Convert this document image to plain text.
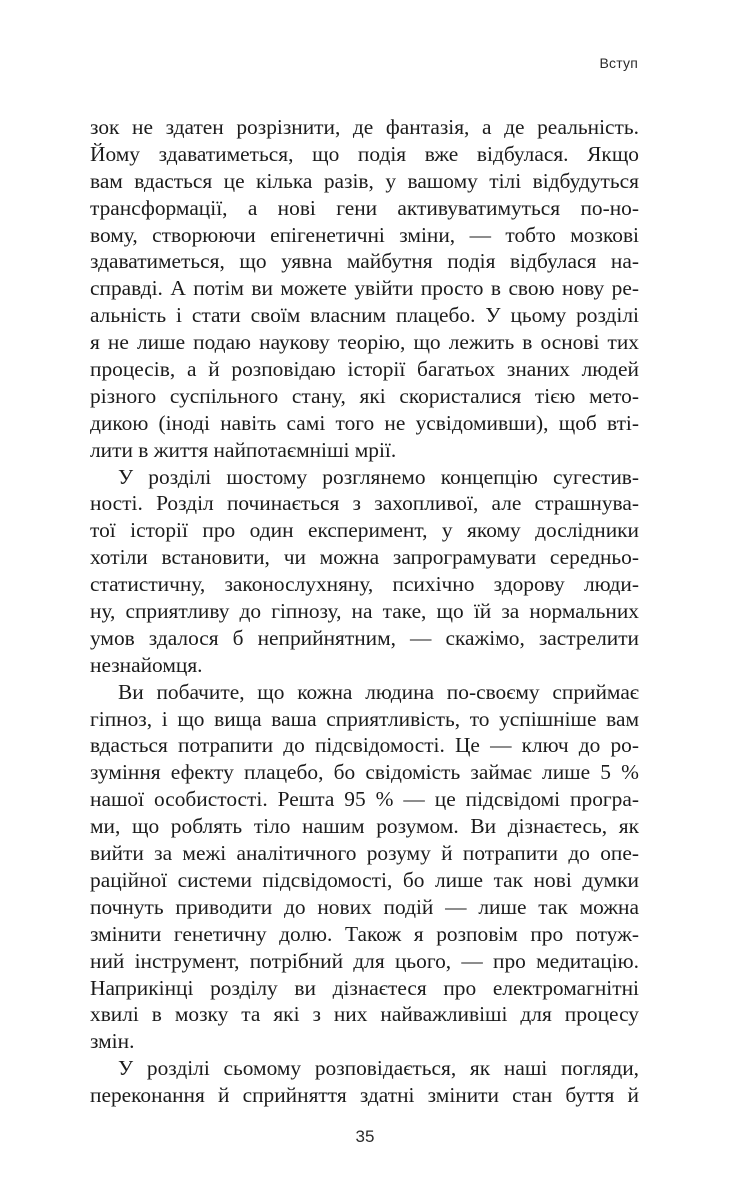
Вступ
зок не здатен розрізнити, де фантазія, а де реальність.
Йому здаватиметься, що подія вже відбулася. Якщо
вам вдасться це кілька разів, у вашому тілі відбудуться
трансформації, а нові гени активуватимуться по-но-
вому, створюючи епігенетичні зміни, — тобто мозкові
здаватиметься, що уявна майбутня подія відбулася на-
справді. А потім ви можете увійти просто в свою нову ре-
альність і стати своїм власним плацебо. У цьому розділі
я не лише подаю наукову теорію, що лежить в основі тих
процесів, а й розповідаю історії багатьох знаних людей
різного суспільного стану, які скористалися тією мето-
дикою (іноді навіть самі того не усвідомивши), щоб вті-
лити в життя найпотаємніші мрії.
У розділі шостому розглянемо концепцію сугестив-
ності. Розділ починається з захопливої, але страшнува-
тої історії про один експеримент, у якому дослідники
хотіли встановити, чи можна запрограмувати середньо-
статистичну, законослухняну, психічно здорову люди-
ну, сприятливу до гіпнозу, на таке, що їй за нормальних
умов здалося б неприйнятним, — скажімо, застрелити
незнайомця.
Ви побачите, що кожна людина по-своєму сприймає
гіпноз, і що вища ваша сприятливість, то успішніше вам
вдасться потрапити до підсвідомості. Це — ключ до ро-
зуміння ефекту плацебо, бо свідомість займає лише 5 %
нашої особистості. Решта 95 % — це підсвідомі програ-
ми, що роблять тіло нашим розумом. Ви дізнаєтесь, як
вийти за межі аналітичного розуму й потрапити до опе-
раційної системи підсвідомості, бо лише так нові думки
почнуть приводити до нових подій — лише так можна
змінити генетичну долю. Також я розповім про потуж-
ний інструмент, потрібний для цього, — про медитацію.
Наприкінці розділу ви дізнаєтеся про електромагнітні
хвилі в мозку та які з них найважливіші для процесу
змін.
У розділі сьомому розповідається, як наші погляди,
переконання й сприйняття здатні змінити стан буття й
35
